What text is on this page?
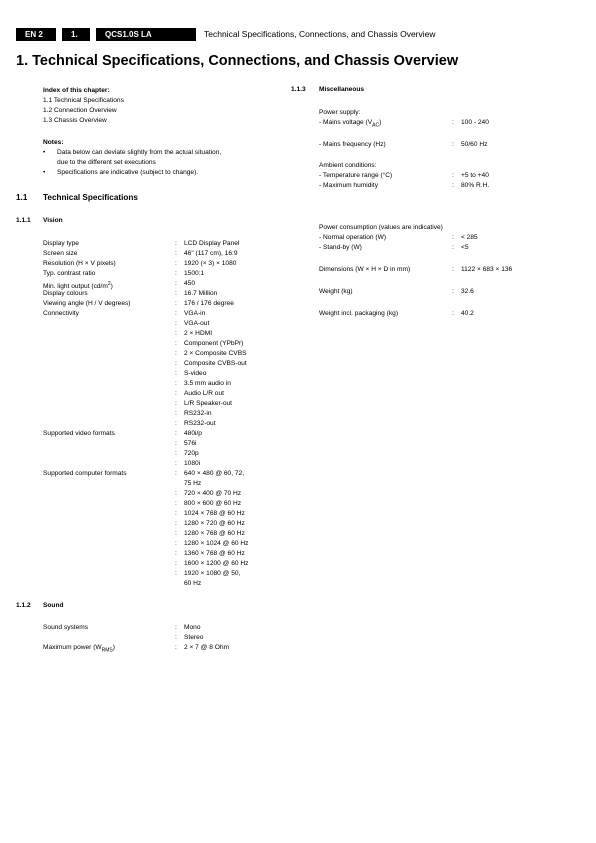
EN 2	1.	QCS1.0S LA	Technical Specifications, Connections, and Chassis Overview
1. Technical Specifications, Connections, and Chassis Overview
Index of this chapter:
1.1 Technical Specifications
1.2 Connection Overview
1.3 Chassis Overview
Notes:
• Data below can deviate slightly from the actual situation,
due to the different set executions
• Specifications are indicative (subject to change).
1.1 Technical Specifications
1.1.1 Vision
Display type	: LCD Display Panel
Screen size	: 46" (117 cm), 16:9
Resolution (H × V pixels)	: 1920 (× 3) × 1080
Typ. contrast ratio	: 1500:1
Min. light output $(cd/m^2)$	: 450
Display colours	: 16.7 Million
Viewing angle (H / V degrees)	: 176 / 176 degree
Connectivity	: VGA-in
: VGA-out
: 2 × HDMI
: Component (YPbPr)
: 2 × Composite CVBS
: Composite CVBS-out
: S-video
: 3.5 mm audio in
: Audio L/R out
: L/R Speaker-out
: RS232-in
: RS232-out
Supported video formats	: 480i/p
: 576i
: 720p
: 1080i
Supported computer formats	: 640 × 480 @ 60, 72,
75 Hz
: 720 × 400 @ 70 Hz
: 800 × 600 @ 60 Hz
: 1024 × 768 @ 60 Hz
: 1280 × 720 @ 60 Hz
: 1280 × 768 @ 60 Hz
: 1280 × 1024 @ 60 Hz
: 1360 × 768 @ 60 Hz
: 1600 × 1200 @ 60 Hz
: 1920 × 1080 @ 50,
60 Hz
1.1.2 Sound
Sound systems	: Mono
: Stereo
Maximum power $(W_{RMS})$	: 2 × 7 @ 8 Ohm
1.1.3 Miscellaneous
Power supply:
- Mains voltage $(V_{AC})$	: 100 - 240
- Mains frequency (Hz)	: 50/60 Hz
Ambient conditions:
- Temperature range (°C)	: +5 to +40
- Maximum humidity	: 80% R.H.
Power consumption (values are indicative)
- Normal operation (W)	: < 285
- Stand-by (W)	: <5
Dimensions (W × H × D in mm)	: 1122 × 683 × 136
Weight (kg)	: 32.6
Weight incl. packaging (kg)	: 40.2
